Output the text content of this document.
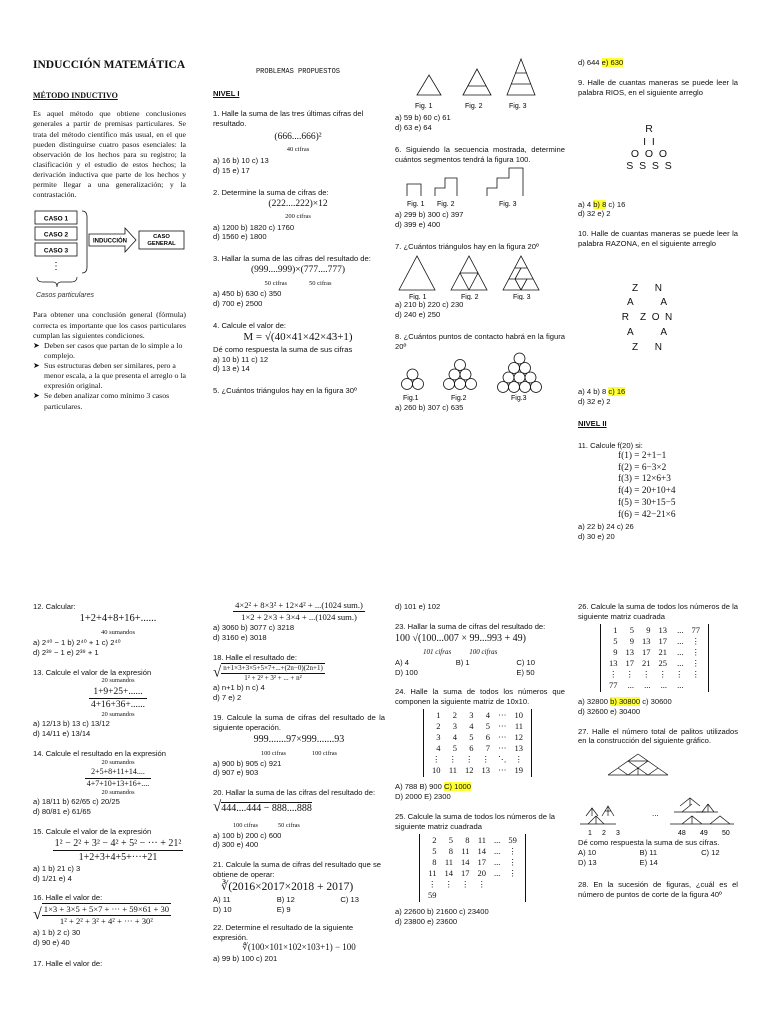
INDUCCIÓN MATEMÁTICA
MÉTODO INDUCTIVO
Es aquel método que obtiene conclusiones generales a partir de premisas particulares. Se trata del método científico más usual, en el que pueden distinguirse cuatro pasos esenciales: la observación de los hechos para su registro; la clasificación y el estudio de estos hechos; la derivación inductiva que parte de los hechos y permite llegar a una generalización; y la contrastación.
CASO 1
CASO 2
CASO 3
⋮
INDUCCIÓN
CASO GENERAL
Casos particulares
Para obtener una conclusión general (fórmula) correcta es importante que los casos particulares cumplan las siguientes condiciones.
➤ Deben ser casos que partan de lo simple a lo complejo.
➤ Sus estructuras deben ser similares, pero a menor escala, a la que presenta el arreglo o la expresión original.
➤ Se deben analizar como mínimo 3 casos particulares.
PROBLEMAS PROPUESTOS
NIVEL I

1. Halle la suma de las tres últimas cifras del resultado.

(666....666)²
40 cifras

a) 16 b) 10 c) 13

d) 15 e) 17

2. Determine la suma de cifras de:

(222....222)×12
200 cifras

a) 1200 b) 1820 c) 1760

d) 1560 e) 1800

3. Hallar la suma de las cifras del resultado de:

(999....999)×(777....777)
50 cifras	50 cifras

a) 450 b) 630 c) 350

d) 700 e) 2500

4. Calcule el valor de:

M = √(40×41×42×43+1)

Dé como respuesta la suma de sus cifras

a) 10 b) 11 c) 12

d) 13 e) 14

5. ¿Cuántos triángulos hay en la figura 30º

Fig. 1	Fig. 2	Fig. 3

a) 59 b) 60 c) 61

d) 63 e) 64

6. Siguiendo la secuencia mostrada, determine cuántos segmentos tendrá la figura 100.

Fig. 1 Fig. 2	Fig. 3

a) 299 b) 300 c) 397

d) 399 e) 400

7. ¿Cuántos triángulos hay en la figura 20º

Fig. 1	Fig. 2	Fig. 3

a) 210 b) 220 c) 230

d) 240 e) 250

8. ¿Cuántos puntos de contacto habrá en la figura 20º

Fig.1	Fig.2	Fig.3

a) 260 b) 307 c) 635

d) 644 e) 630

9. Halle de cuantas maneras se puede leer la palabra RIOS, en el siguiente arreglo

R
I  I
O  O  O
S  S  S  S

a) 4 b) 8 c) 16

d) 32 e) 2

10. Halle de cuantas maneras se puede leer la palabra RAZONA, en el siguiente arreglo

Z      N
A          A
R    Z  O  N
A          A
Z      N

a) 4 b) 8 c) 16

d) 32 e) 2

NIVEL II

11. Calcule f(20) si:

f(1) = 2+1−1
f(2) = 6−3×2
f(3) = 12×6+3
f(4) = 20+10+4
f(5) = 30+15−5
f(6) = 42−21×6

a) 22 b) 24 c) 26

d) 30 e) 20

12. Calcular:

1+2+4+8+16+......
40 sumandos

a) 2⁴⁰ − 1 b) 2⁴⁰ + 1 c) 2⁴⁰

d) 2³⁹ − 1 e) 2³⁹ + 1

13. Calcule el valor de la expresión

20 sumandos
$\frac{1+9+25+......}{4+16+36+......}$
20 sumandos

a) 12/13 b) 13 c) 13/12

d) 14/11 e) 13/14

14. Calcule el resultado en la expresión

20 sumandos
$\frac{2+5+8+11+14....}{4+7+10+13+16+....}$
20 sumandos

a) 18/11 b) 62/65 c) 20/25

d) 80/81 e) 61/65

15. Calcule el valor de la expresión

$\frac{\text{1² − 2² + 3² − 4² + 5² − ··· + 21²}}{1+2+3+4+5+\cdot\cdot\cdot+21}$

a) 1 b) 21 c) 3

d) 1/21 e) 4

16. Halle el valor de:

√ $\frac{1\times 3 + 3\times 5 + 5\times 7 + \cdot\cdot\cdot + 59\times 61 + 30}{\text{1² + 2² + 3² + 4² + ··· + 30²}}$

a) 1 b) 2 c) 30

d) 90 e) 40

17. Halle el valor de:

$\frac{\text{4×2² + 8×3² + 12×4² + ...(1024 sum.)}}{\text{1×2 + 2×3 + 3×4 + ...(1024 sum.)}}$

a) 3060 b) 3077 c) 3218

d) 3160 e) 3018

18. Halle el resultado de:

√ $\frac{n+1\times 3+3\times 5+5\times 7+...+(2n-0)(2n+1)}{\text{1² + 2² + 3² + ... + n²}}$

a) n+1 b) n c) 4

d) 7 e) 2

19. Calcule la suma de cifras del resultado de la siguiente operación.

999.......97×999.......93
100 cifras	100 cifras

a) 900 b) 905 c) 921

d) 907 e) 903

20. Hallar la suma de las cifras del resultado de:

√444....444 − 888....888
100 cifras	50 cifras

a) 100 b) 200 c) 600

d) 300 e) 400

21. Calcule la suma de cifras del resultado que se obtiene de operar:

∛(2016×2017×2018 + 2017)
A) 11	B) 12	C) 13
D) 10	E) 9

22. Determine el resultado de la siguiente expresión.

∜(100×101×102×103+1) − 100

a) 99 b) 100 c) 201

d) 101 e) 102

23. Hallar la suma de cifras del resultado de:

100 √(100...007 × 99...993 + 49)
101 cifras	100 cifras
A) 4	B) 1	C) 10
D) 100	E) 50

24. Halle la suma de todos los números que componen la siguiente matriz de 10x10.

1	2	3	4	···	10
2	3	4	5	···	11
3	4	5	6	···	12
4	5	6	7	···	13
⋮	⋮	⋮	⋮	⋱	⋮
10	11	12	13	···	19

A) 788 B) 900 C) 1000

D) 2000 E) 2300

25. Calcule la suma de todos los números de la siguiente matriz cuadrada

2	5	8	11	...	59
5	8	11	14	...	⋮
8	11	14	17	...	⋮
11	14	17	20	...	⋮
⋮	⋮	⋮	⋮		
59					

a) 22600 b) 21600 c) 23400

d) 23800 e) 23600

26. Calcule la suma de todos los números de la siguiente matriz cuadrada

1	5	9	13	...	77
5	9	13	17	...	⋮
9	13	17	21	...	⋮
13	17	21	25	...	⋮
⋮	⋮	⋮	⋮	⋮	⋮
77	...	...	...	...	

a) 32800 b) 30800 c) 30600

d) 32600 e) 30400

27. Halle el número total de palitos utilizados en la construcción del siguiente gráfico.

...
1 2 3	48 49 50

Dé como respuesta la suma de sus cifras.

A) 10	B) 11	C) 12
D) 13	E) 14

28. En la sucesión de figuras, ¿cuál es el número de puntos de corte de la figura 40º
